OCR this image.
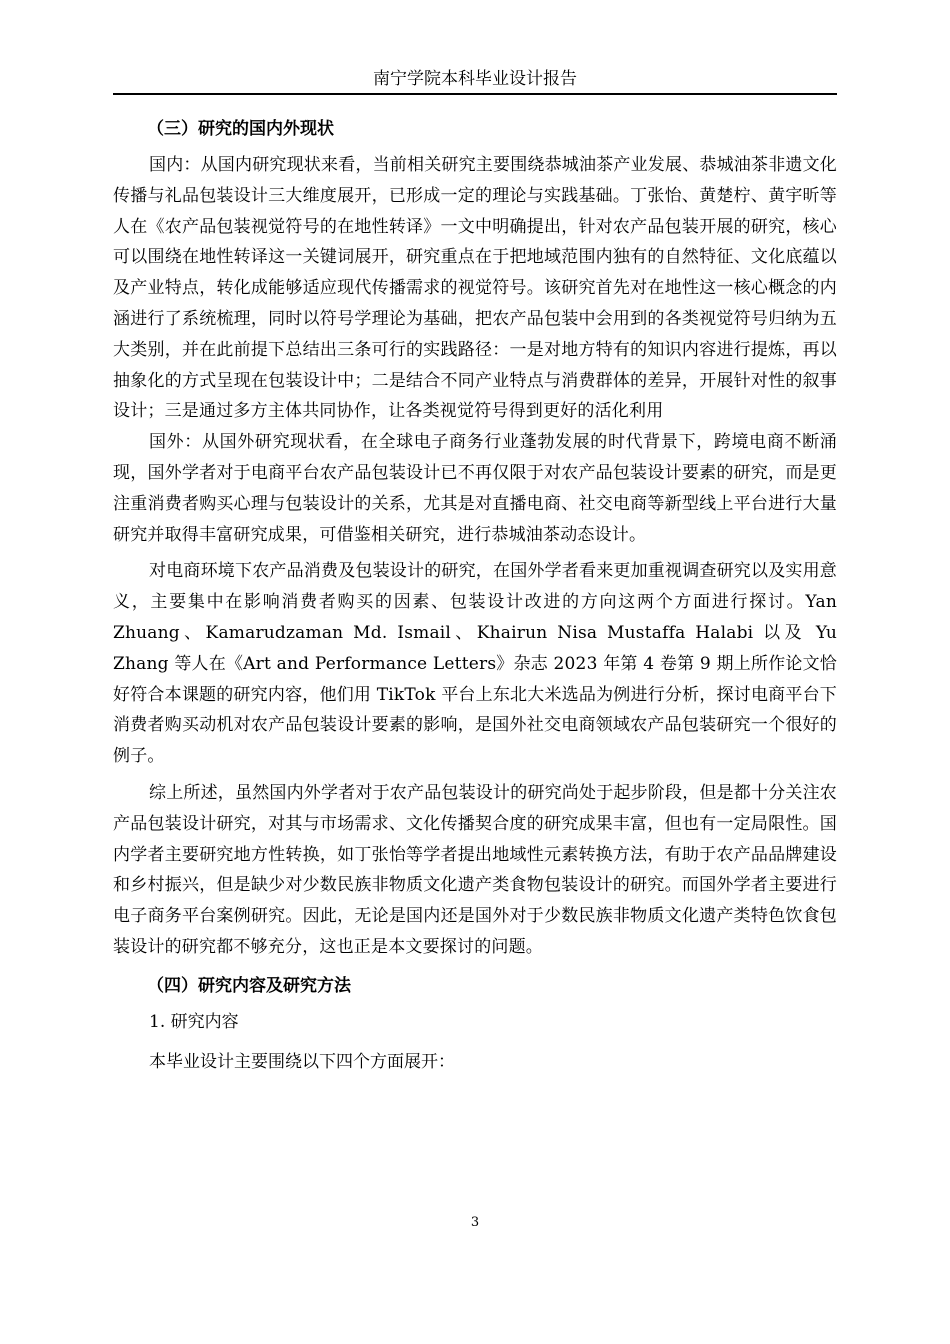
南宁学院本科毕业设计报告
（三）研究的国内外现状

国内：从国内研究现状来看，当前相关研究主要围绕恭城油茶产业发展、恭城油茶非遗文化传播与礼品包装设计三大维度展开，已形成一定的理论与实践基础。丁张怡、黄楚柠、黄宇昕等人在《农产品包装视觉符号的在地性转译》一文中明确提出，针对农产品包装开展的研究，核心可以围绕在地性转译这一关键词展开，研究重点在于把地域范围内独有的自然特征、文化底蕴以及产业特点，转化成能够适应现代传播需求的视觉符号。该研究首先对在地性这一核心概念的内涵进行了系统梳理，同时以符号学理论为基础，把农产品包装中会用到的各类视觉符号归纳为五大类别，并在此前提下总结出三条可行的实践路径：一是对地方特有的知识内容进行提炼，再以抽象化的方式呈现在包装设计中；二是结合不同产业特点与消费群体的差异，开展针对性的叙事设计；三是通过多方主体共同协作，让各类视觉符号得到更好的活化利用

国外：从国外研究现状看，在全球电子商务行业蓬勃发展的时代背景下，跨境电商不断涌现，国外学者对于电商平台农产品包装设计已不再仅限于对农产品包装设计要素的研究，而是更注重消费者购买心理与包装设计的关系，尤其是对直播电商、社交电商等新型线上平台进行大量研究并取得丰富研究成果，可借鉴相关研究，进行恭城油茶动态设计。

对电商环境下农产品消费及包装设计的研究，在国外学者看来更加重视调查研究以及实用意义，主要集中在影响消费者购买的因素、包装设计改进的方向这两个方面进行探讨。Yan Zhuang、Kamarudzaman Md. Ismail、Khairun Nisa Mustaffa Halabi 以及 Yu Zhang 等人在《Art and Performance Letters》杂志 2023 年第 4 卷第 9 期上所作论文恰好符合本课题的研究内容，他们用 TikTok 平台上东北大米选品为例进行分析，探讨电商平台下消费者购买动机对农产品包装设计要素的影响，是国外社交电商领域农产品包装研究一个很好的例子。

综上所述，虽然国内外学者对于农产品包装设计的研究尚处于起步阶段，但是都十分关注农产品包装设计研究，对其与市场需求、文化传播契合度的研究成果丰富，但也有一定局限性。国内学者主要研究地方性转换，如丁张怡等学者提出地域性元素转换方法，有助于农产品品牌建设和乡村振兴，但是缺少对少数民族非物质文化遗产类食物包装设计的研究。而国外学者主要进行电子商务平台案例研究。因此，无论是国内还是国外对于少数民族非物质文化遗产类特色饮食包装设计的研究都不够充分，这也正是本文要探讨的问题。

（四）研究内容及研究方法
1. 研究内容

本毕业设计主要围绕以下四个方面展开：

3
